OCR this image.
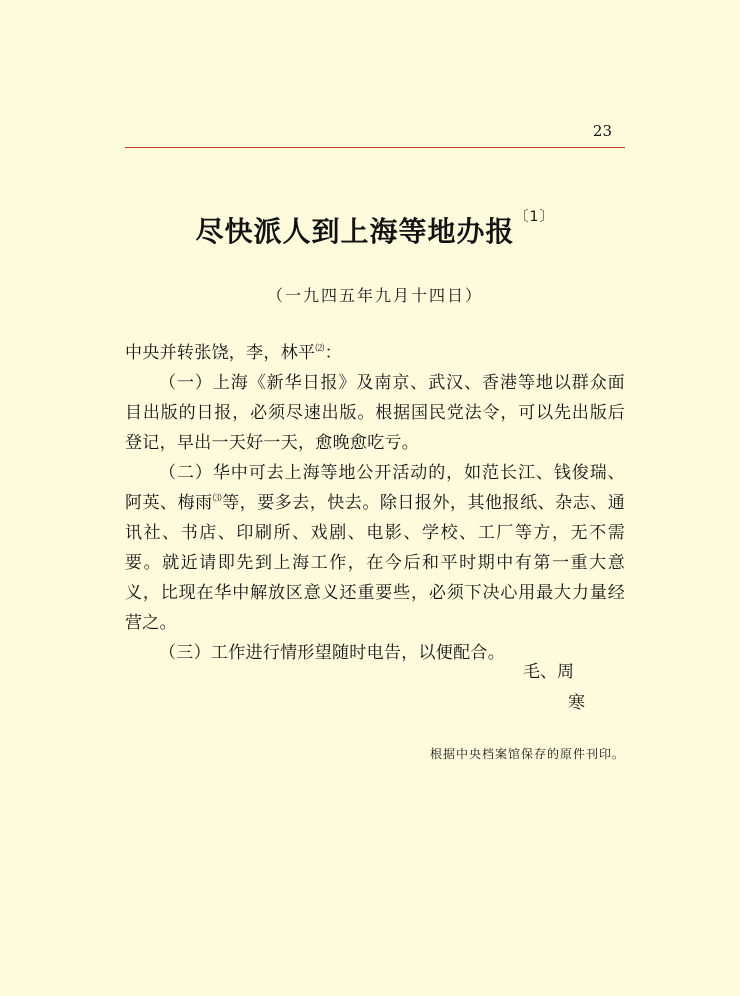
23
尽快派人到上海等地办报$^{〔1〕}$
（一九四五年九月十四日）

中央并转张饶，李，林平⑵：

（一）上海《新华日报》及南京、武汉、香港等地以群众面目出版的日报，必须尽速出版。根据国民党法令，可以先出版后登记，早出一天好一天，愈晚愈吃亏。

（二）华中可去上海等地公开活动的，如范长江、钱俊瑞、阿英、梅雨⑶等，要多去，快去。除日报外，其他报纸、杂志、通讯社、书店、印刷所、戏剧、电影、学校、工厂等方，无不需要。就近请即先到上海工作，在今后和平时期中有第一重大意义，比现在华中解放区意义还重要些，必须下决心用最大力量经营之。

（三）工作进行情形望随时电告，以便配合。

毛、周
寒
根据中央档案馆保存的原件刊印。
